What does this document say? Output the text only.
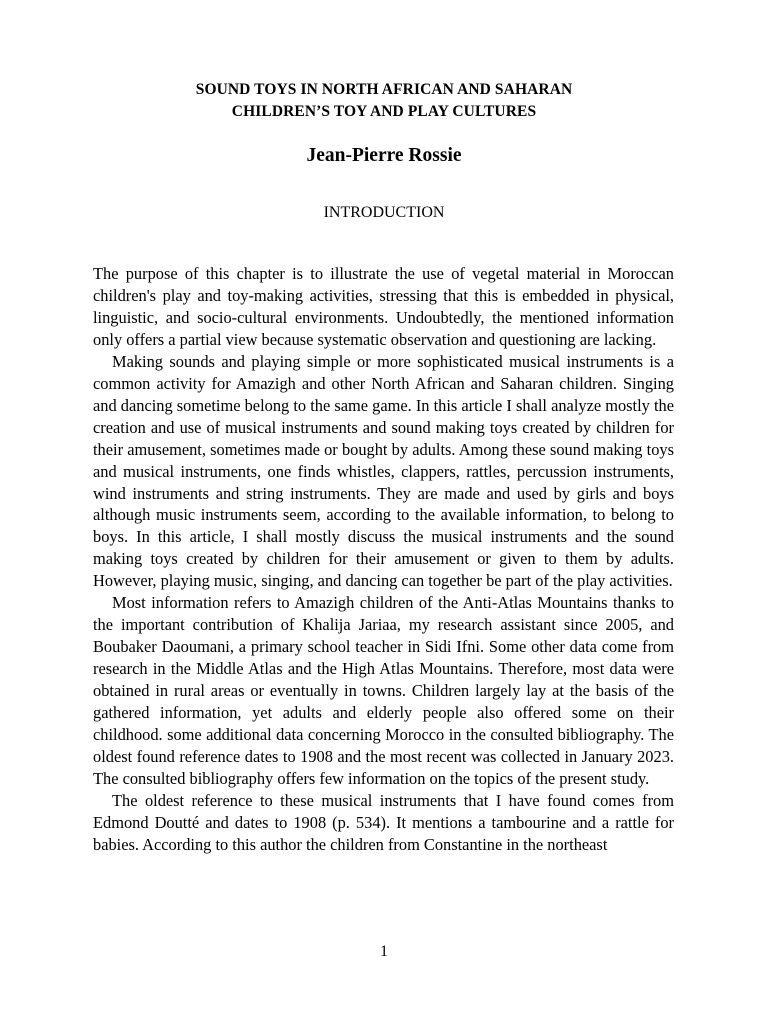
SOUND TOYS IN NORTH AFRICAN AND SAHARAN
CHILDREN’S TOY AND PLAY CULTURES
Jean-Pierre Rossie
INTRODUCTION

The purpose of this chapter is to illustrate the use of vegetal material in Moroccan children's play and toy-making activities, stressing that this is embedded in physical, linguistic, and socio-cultural environments. Undoubtedly, the mentioned information only offers a partial view because systematic observation and questioning are lacking.

Making sounds and playing simple or more sophisticated musical instruments is a common activity for Amazigh and other North African and Saharan children. Singing and dancing sometime belong to the same game. In this article I shall analyze mostly the creation and use of musical instruments and sound making toys created by children for their amusement, sometimes made or bought by adults. Among these sound making toys and musical instruments, one finds whistles, clappers, rattles, percussion instruments, wind instruments and string instruments. They are made and used by girls and boys although music instruments seem, according to the available information, to belong to boys. In this article, I shall mostly discuss the musical instruments and the sound making toys created by children for their amusement or given to them by adults. However, playing music, singing, and dancing can together be part of the play activities.

Most information refers to Amazigh children of the Anti-Atlas Mountains thanks to the important contribution of Khalija Jariaa, my research assistant since 2005, and Boubaker Daoumani, a primary school teacher in Sidi Ifni. Some other data come from research in the Middle Atlas and the High Atlas Mountains. Therefore, most data were obtained in rural areas or eventually in towns. Children largely lay at the basis of the gathered information, yet adults and elderly people also offered some on their childhood. some additional data concerning Morocco in the consulted bibliography. The oldest found reference dates to 1908 and the most recent was collected in January 2023. The consulted bibliography offers few information on the topics of the present study.

The oldest reference to these musical instruments that I have found comes from Edmond Doutté and dates to 1908 (p. 534). It mentions a tambourine and a rattle for babies. According to this author the children from Constantine in the northeast

1
